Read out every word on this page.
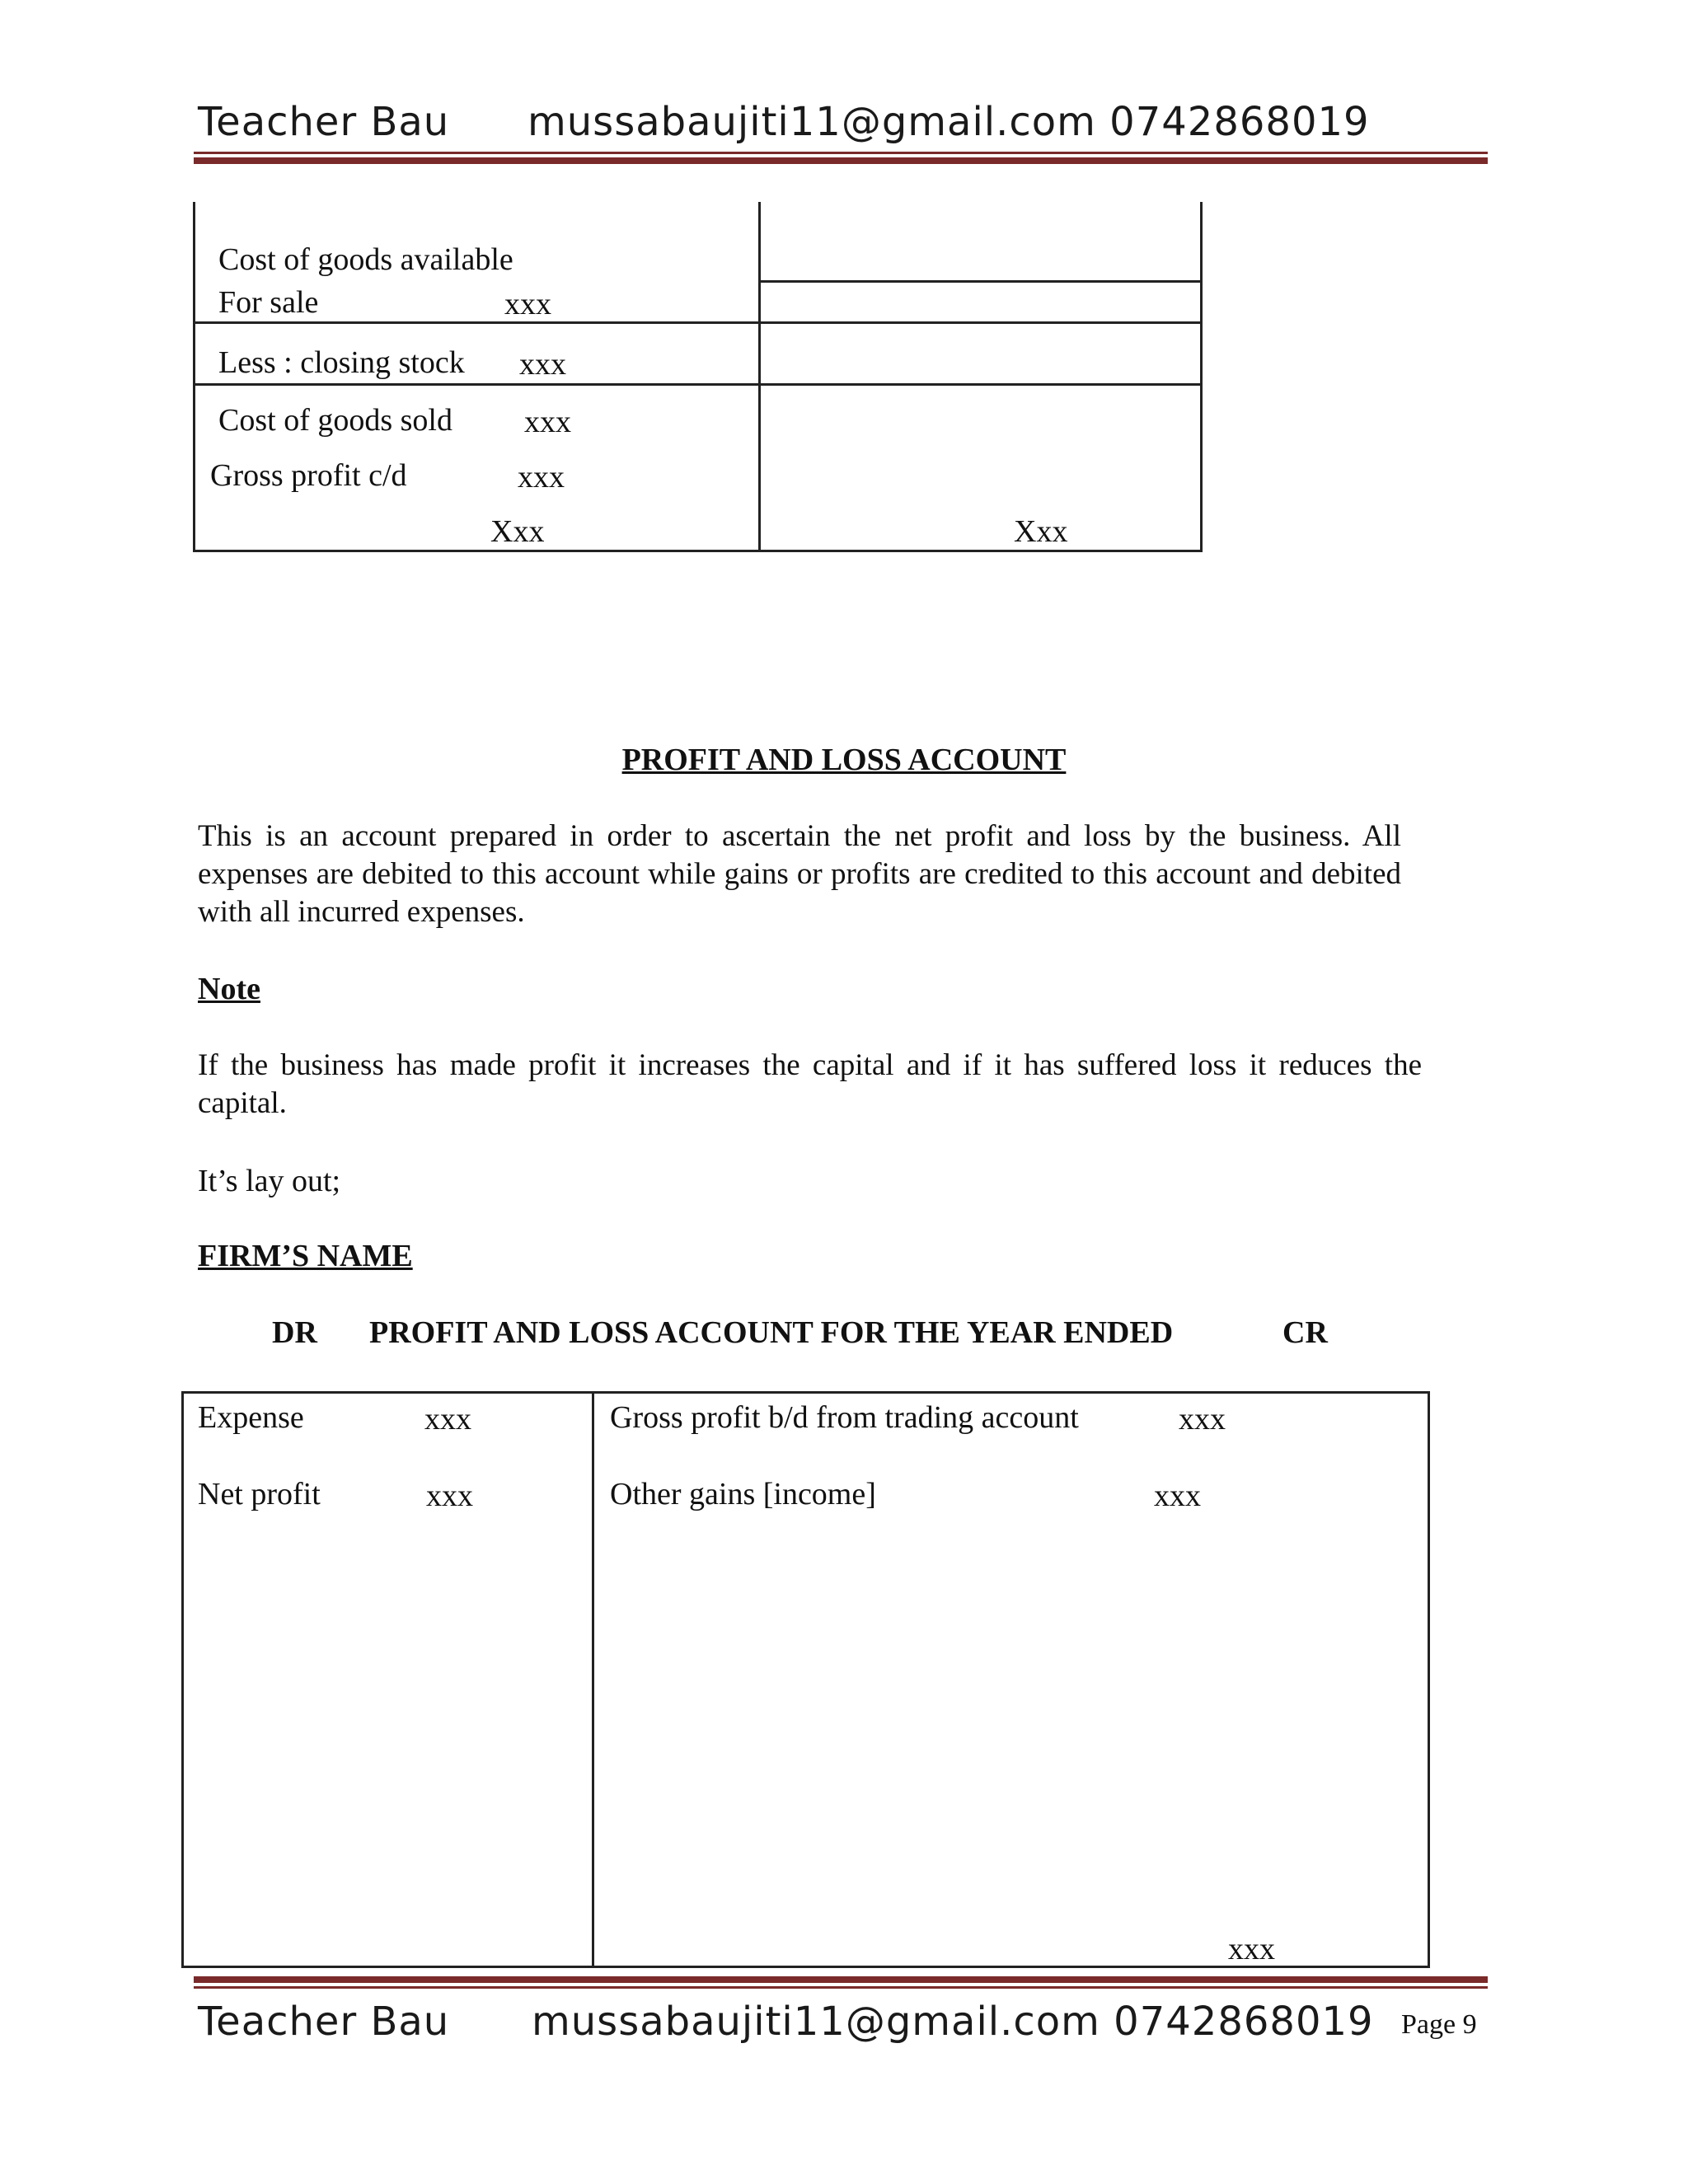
Teacher Bau mussabaujiti11@gmail.com 0742868019
Cost of goods available
For sale	xxx
Less : closing stock xxx
Cost of goods sold xxx
Gross profit c/d	xxx
Xxx	Xxx
PROFIT AND LOSS ACCOUNT
This is an account prepared in order to ascertain the net profit and loss by the business. All expenses are debited to this account while gains or profits are credited to this account and debited with all incurred expenses.
Note
If the business has made profit it increases the capital and if it has suffered loss it reduces the capital.
It’s lay out;
FIRM’S NAME
DR PROFIT AND LOSS ACCOUNT FOR THE YEAR ENDED	CR
Expense	xxx
Net profit	xxx
Gross profit b/d from trading account	xxx
Other gains [income]	xxx
xxx
Teacher Bau mussabaujiti11@gmail.com 0742868019 Page 9
